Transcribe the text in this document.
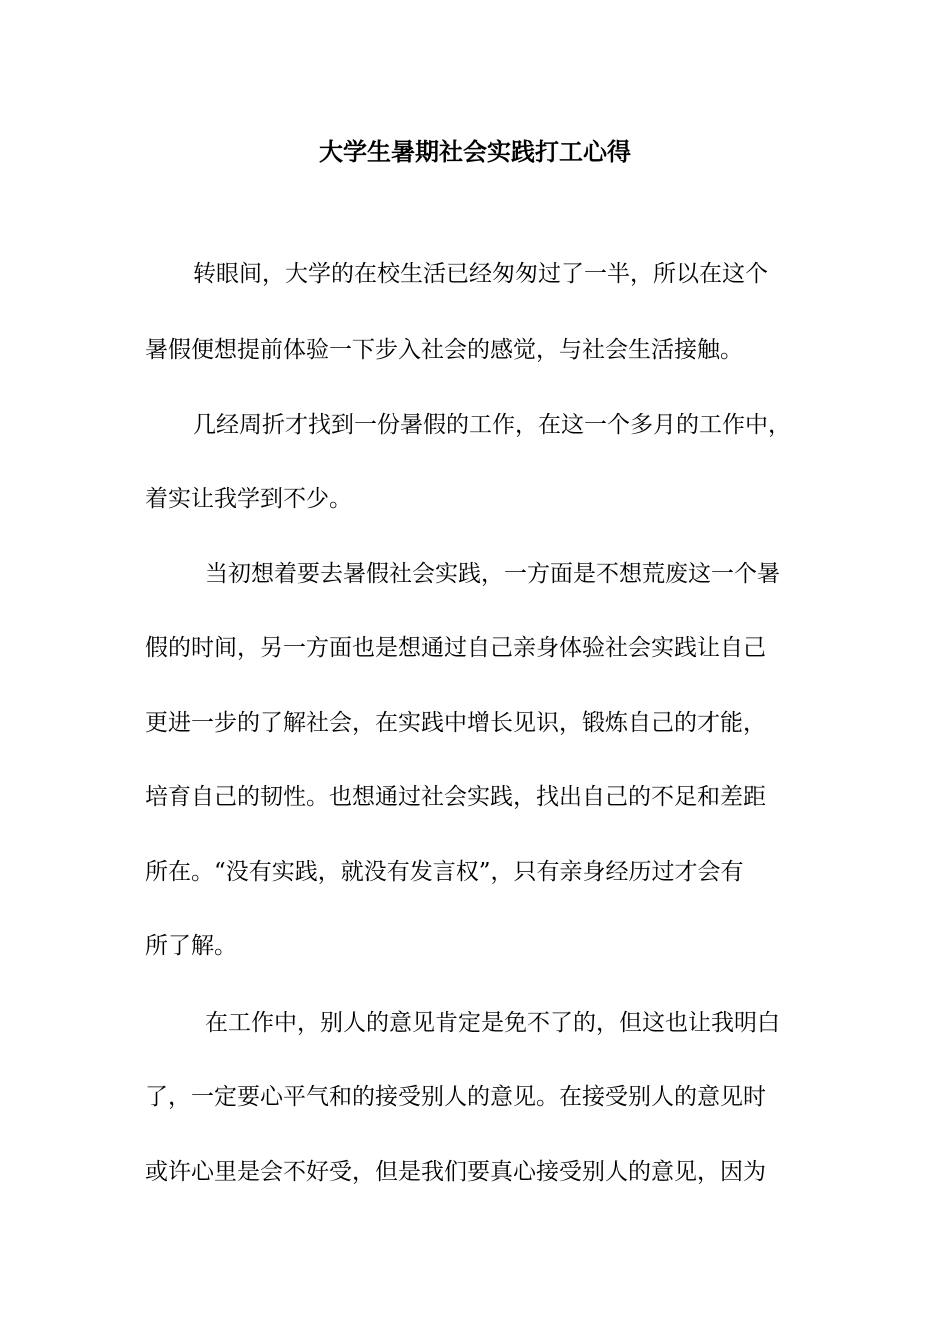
大学生暑期社会实践打工心得

转眼间，大学的在校生活已经匆匆过了一半，所以在这个

暑假便想提前体验一下步入社会的感觉，与社会生活接触。

几经周折才找到一份暑假的工作，在这一个多月的工作中，

着实让我学到不少。

当初想着要去暑假社会实践，一方面是不想荒废这一个暑

假的时间，另一方面也是想通过自己亲身体验社会实践让自己

更进一步的了解社会，在实践中增长见识，锻炼自己的才能，

培育自己的韧性。也想通过社会实践，找出自己的不足和差距

所在。“没有实践，就没有发言权”，只有亲身经历过才会有

所了解。

在工作中，别人的意见肯定是免不了的，但这也让我明白

了，一定要心平气和的接受别人的意见。在接受别人的意见时

或许心里是会不好受，但是我们要真心接受别人的意见，因为
